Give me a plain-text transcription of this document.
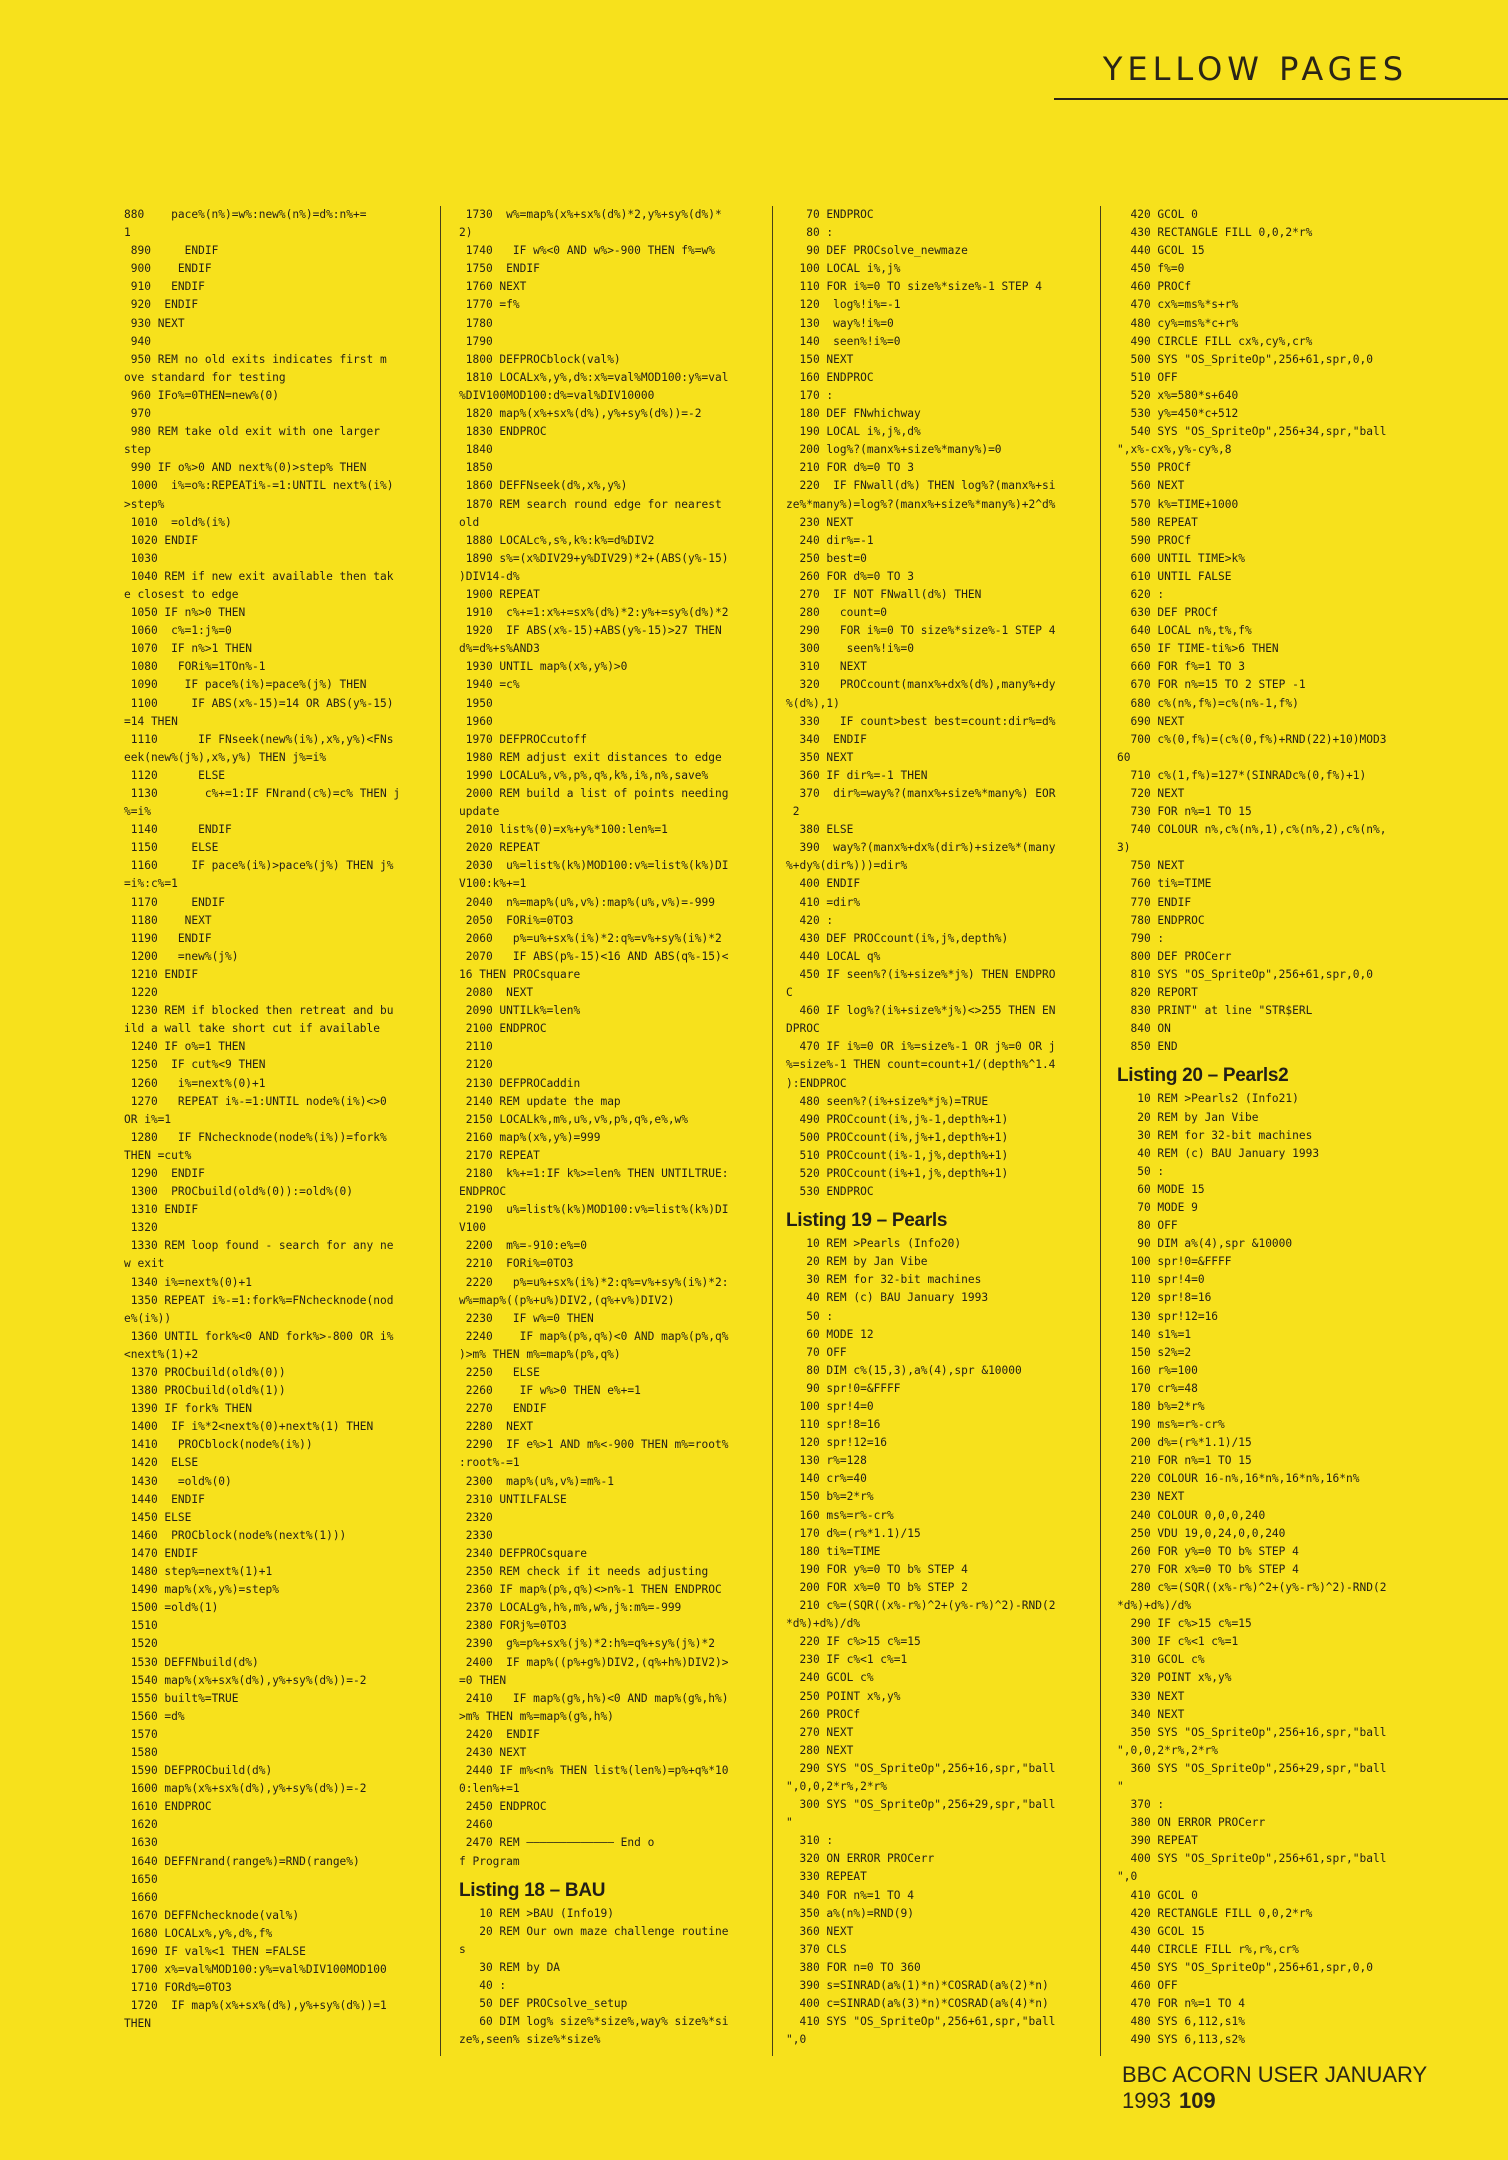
YELLOW PAGES
880    pace%(n%)=w%:new%(n%)=d%:n%+=
1
890     ENDIF
900    ENDIF
910   ENDIF
920  ENDIF
930 NEXT
940
950 REM no old exits indicates first m
ove standard for testing
960 IFo%=0THEN=new%(0)
970
980 REM take old exit with one larger
step
990 IF o%>0 AND next%(0)>step% THEN
1000  i%=o%:REPEATi%-=1:UNTIL next%(i%)
>step%
1010  =old%(i%)
1020 ENDIF
1030
1040 REM if new exit available then tak
e closest to edge
1050 IF n%>0 THEN
1060  c%=1:j%=0
1070  IF n%>1 THEN
1080   FORi%=1TOn%-1
1090    IF pace%(i%)=pace%(j%) THEN
1100     IF ABS(x%-15)=14 OR ABS(y%-15)
=14 THEN
1110      IF FNseek(new%(i%),x%,y%)<FNs
eek(new%(j%),x%,y%) THEN j%=i%
1120      ELSE
1130       c%+=1:IF FNrand(c%)=c% THEN j
%=i%
1140      ENDIF
1150     ELSE
1160     IF pace%(i%)>pace%(j%) THEN j%
=i%:c%=1
1170     ENDIF
1180    NEXT
1190   ENDIF
1200   =new%(j%)
1210 ENDIF
1220
1230 REM if blocked then retreat and bu
ild a wall take short cut if available
1240 IF o%=1 THEN
1250  IF cut%<9 THEN
1260   i%=next%(0)+1
1270   REPEAT i%-=1:UNTIL node%(i%)<>0
OR i%=1
1280   IF FNchecknode(node%(i%))=fork%
THEN =cut%
1290  ENDIF
1300  PROCbuild(old%(0)):=old%(0)
1310 ENDIF
1320
1330 REM loop found - search for any ne
w exit
1340 i%=next%(0)+1
1350 REPEAT i%-=1:fork%=FNchecknode(nod
e%(i%))
1360 UNTIL fork%<0 AND fork%>-800 OR i%
<next%(1)+2
1370 PROCbuild(old%(0))
1380 PROCbuild(old%(1))
1390 IF fork% THEN
1400  IF i%*2<next%(0)+next%(1) THEN
1410   PROCblock(node%(i%))
1420  ELSE
1430   =old%(0)
1440  ENDIF
1450 ELSE
1460  PROCblock(node%(next%(1)))
1470 ENDIF
1480 step%=next%(1)+1
1490 map%(x%,y%)=step%
1500 =old%(1)
1510
1520
1530 DEFFNbuild(d%)
1540 map%(x%+sx%(d%),y%+sy%(d%))=-2
1550 built%=TRUE
1560 =d%
1570
1580
1590 DEFPROCbuild(d%)
1600 map%(x%+sx%(d%),y%+sy%(d%))=-2
1610 ENDPROC
1620
1630
1640 DEFFNrand(range%)=RND(range%)
1650
1660
1670 DEFFNchecknode(val%)
1680 LOCALx%,y%,d%,f%
1690 IF val%<1 THEN =FALSE
1700 x%=val%MOD100:y%=val%DIV100MOD100
1710 FORd%=0TO3
1720  IF map%(x%+sx%(d%),y%+sy%(d%))=1
THEN
1730  w%=map%(x%+sx%(d%)*2,y%+sy%(d%)*
2)
1740   IF w%<0 AND w%>-900 THEN f%=w%
1750  ENDIF
1760 NEXT
1770 =f%
1780
1790
1800 DEFPROCblock(val%)
1810 LOCALx%,y%,d%:x%=val%MOD100:y%=val
%DIV100MOD100:d%=val%DIV10000
1820 map%(x%+sx%(d%),y%+sy%(d%))=-2
1830 ENDPROC
1840
1850
1860 DEFFNseek(d%,x%,y%)
1870 REM search round edge for nearest
old
1880 LOCALc%,s%,k%:k%=d%DIV2
1890 s%=(x%DIV29+y%DIV29)*2+(ABS(y%-15)
)DIV14-d%
1900 REPEAT
1910  c%+=1:x%+=sx%(d%)*2:y%+=sy%(d%)*2
1920  IF ABS(x%-15)+ABS(y%-15)>27 THEN
d%=d%+s%AND3
1930 UNTIL map%(x%,y%)>0
1940 =c%
1950
1960
1970 DEFPROCcutoff
1980 REM adjust exit distances to edge
1990 LOCALu%,v%,p%,q%,k%,i%,n%,save%
2000 REM build a list of points needing
update
2010 list%(0)=x%+y%*100:len%=1
2020 REPEAT
2030  u%=list%(k%)MOD100:v%=list%(k%)DI
V100:k%+=1
2040  n%=map%(u%,v%):map%(u%,v%)=-999
2050  FORi%=0TO3
2060   p%=u%+sx%(i%)*2:q%=v%+sy%(i%)*2
2070   IF ABS(p%-15)<16 AND ABS(q%-15)<
16 THEN PROCsquare
2080  NEXT
2090 UNTILk%=len%
2100 ENDPROC
2110
2120
2130 DEFPROCaddin
2140 REM update the map
2150 LOCALk%,m%,u%,v%,p%,q%,e%,w%
2160 map%(x%,y%)=999
2170 REPEAT
2180  k%+=1:IF k%>=len% THEN UNTILTRUE:
ENDPROC
2190  u%=list%(k%)MOD100:v%=list%(k%)DI
V100
2200  m%=-910:e%=0
2210  FORi%=0TO3
2220   p%=u%+sx%(i%)*2:q%=v%+sy%(i%)*2:
w%=map%((p%+u%)DIV2,(q%+v%)DIV2)
2230   IF w%=0 THEN
2240    IF map%(p%,q%)<0 AND map%(p%,q%
)>m% THEN m%=map%(p%,q%)
2250   ELSE
2260    IF w%>0 THEN e%+=1
2270   ENDIF
2280  NEXT
2290  IF e%>1 AND m%<-900 THEN m%=root%
:root%-=1
2300  map%(u%,v%)=m%-1
2310 UNTILFALSE
2320
2330
2340 DEFPROCsquare
2350 REM check if it needs adjusting
2360 IF map%(p%,q%)<>n%-1 THEN ENDPROC
2370 LOCALg%,h%,m%,w%,j%:m%=-999
2380 FORj%=0TO3
2390  g%=p%+sx%(j%)*2:h%=q%+sy%(j%)*2
2400  IF map%((p%+g%)DIV2,(q%+h%)DIV2)>
=0 THEN
2410   IF map%(g%,h%)<0 AND map%(g%,h%)
>m% THEN m%=map%(g%,h%)
2420  ENDIF
2430 NEXT
2440 IF m%<n% THEN list%(len%)=p%+q%*10
0:len%+=1
2450 ENDPROC
2460
2470 REM ————————————— End o
f Program
Listing 18 – BAU
10 REM >BAU (Info19)
20 REM Our own maze challenge routine
s
30 REM by DA
40 :
50 DEF PROCsolve_setup
60 DIM log% size%*size%,way% size%*si
ze%,seen% size%*size%
70 ENDPROC
80 :
90 DEF PROCsolve_newmaze
100 LOCAL i%,j%
110 FOR i%=0 TO size%*size%-1 STEP 4
120  log%!i%=-1
130  way%!i%=0
140  seen%!i%=0
150 NEXT
160 ENDPROC
170 :
180 DEF FNwhichway
190 LOCAL i%,j%,d%
200 log%?(manx%+size%*many%)=0
210 FOR d%=0 TO 3
220  IF FNwall(d%) THEN log%?(manx%+si
ze%*many%)=log%?(manx%+size%*many%)+2^d%
230 NEXT
240 dir%=-1
250 best=0
260 FOR d%=0 TO 3
270  IF NOT FNwall(d%) THEN
280   count=0
290   FOR i%=0 TO size%*size%-1 STEP 4
300    seen%!i%=0
310   NEXT
320   PROCcount(manx%+dx%(d%),many%+dy
%(d%),1)
330   IF count>best best=count:dir%=d%
340  ENDIF
350 NEXT
360 IF dir%=-1 THEN
370  dir%=way%?(manx%+size%*many%) EOR
2
380 ELSE
390  way%?(manx%+dx%(dir%)+size%*(many
%+dy%(dir%)))=dir%
400 ENDIF
410 =dir%
420 :
430 DEF PROCcount(i%,j%,depth%)
440 LOCAL q%
450 IF seen%?(i%+size%*j%) THEN ENDPRO
C
460 IF log%?(i%+size%*j%)<>255 THEN EN
DPROC
470 IF i%=0 OR i%=size%-1 OR j%=0 OR j
%=size%-1 THEN count=count+1/(depth%^1.4
):ENDPROC
480 seen%?(i%+size%*j%)=TRUE
490 PROCcount(i%,j%-1,depth%+1)
500 PROCcount(i%,j%+1,depth%+1)
510 PROCcount(i%-1,j%,depth%+1)
520 PROCcount(i%+1,j%,depth%+1)
530 ENDPROC
Listing 19 – Pearls
10 REM >Pearls (Info20)
20 REM by Jan Vibe
30 REM for 32-bit machines
40 REM (c) BAU January 1993
50 :
60 MODE 12
70 OFF
80 DIM c%(15,3),a%(4),spr &10000
90 spr!0=&FFFF
100 spr!4=0
110 spr!8=16
120 spr!12=16
130 r%=128
140 cr%=40
150 b%=2*r%
160 ms%=r%-cr%
170 d%=(r%*1.1)/15
180 ti%=TIME
190 FOR y%=0 TO b% STEP 4
200 FOR x%=0 TO b% STEP 2
210 c%=(SQR((x%-r%)^2+(y%-r%)^2)-RND(2
*d%)+d%)/d%
220 IF c%>15 c%=15
230 IF c%<1 c%=1
240 GCOL c%
250 POINT x%,y%
260 PROCf
270 NEXT
280 NEXT
290 SYS "OS_SpriteOp",256+16,spr,"ball
",0,0,2*r%,2*r%
300 SYS "OS_SpriteOp",256+29,spr,"ball
"
310 :
320 ON ERROR PROCerr
330 REPEAT
340 FOR n%=1 TO 4
350 a%(n%)=RND(9)
360 NEXT
370 CLS
380 FOR n=0 TO 360
390 s=SINRAD(a%(1)*n)*COSRAD(a%(2)*n)
400 c=SINRAD(a%(3)*n)*COSRAD(a%(4)*n)
410 SYS "OS_SpriteOp",256+61,spr,"ball
",0
420 GCOL 0
430 RECTANGLE FILL 0,0,2*r%
440 GCOL 15
450 f%=0
460 PROCf
470 cx%=ms%*s+r%
480 cy%=ms%*c+r%
490 CIRCLE FILL cx%,cy%,cr%
500 SYS "OS_SpriteOp",256+61,spr,0,0
510 OFF
520 x%=580*s+640
530 y%=450*c+512
540 SYS "OS_SpriteOp",256+34,spr,"ball
",x%-cx%,y%-cy%,8
550 PROCf
560 NEXT
570 k%=TIME+1000
580 REPEAT
590 PROCf
600 UNTIL TIME>k%
610 UNTIL FALSE
620 :
630 DEF PROCf
640 LOCAL n%,t%,f%
650 IF TIME-ti%>6 THEN
660 FOR f%=1 TO 3
670 FOR n%=15 TO 2 STEP -1
680 c%(n%,f%)=c%(n%-1,f%)
690 NEXT
700 c%(0,f%)=(c%(0,f%)+RND(22)+10)MOD3
60
710 c%(1,f%)=127*(SINRADc%(0,f%)+1)
720 NEXT
730 FOR n%=1 TO 15
740 COLOUR n%,c%(n%,1),c%(n%,2),c%(n%,
3)
750 NEXT
760 ti%=TIME
770 ENDIF
780 ENDPROC
790 :
800 DEF PROCerr
810 SYS "OS_SpriteOp",256+61,spr,0,0
820 REPORT
830 PRINT" at line "STR$ERL
840 ON
850 END
Listing 20 – Pearls2
10 REM >Pearls2 (Info21)
20 REM by Jan Vibe
30 REM for 32-bit machines
40 REM (c) BAU January 1993
50 :
60 MODE 15
70 MODE 9
80 OFF
90 DIM a%(4),spr &10000
100 spr!0=&FFFF
110 spr!4=0
120 spr!8=16
130 spr!12=16
140 s1%=1
150 s2%=2
160 r%=100
170 cr%=48
180 b%=2*r%
190 ms%=r%-cr%
200 d%=(r%*1.1)/15
210 FOR n%=1 TO 15
220 COLOUR 16-n%,16*n%,16*n%,16*n%
230 NEXT
240 COLOUR 0,0,0,240
250 VDU 19,0,24,0,0,240
260 FOR y%=0 TO b% STEP 4
270 FOR x%=0 TO b% STEP 4
280 c%=(SQR((x%-r%)^2+(y%-r%)^2)-RND(2
*d%)+d%)/d%
290 IF c%>15 c%=15
300 IF c%<1 c%=1
310 GCOL c%
320 POINT x%,y%
330 NEXT
340 NEXT
350 SYS "OS_SpriteOp",256+16,spr,"ball
",0,0,2*r%,2*r%
360 SYS "OS_SpriteOp",256+29,spr,"ball
"
370 :
380 ON ERROR PROCerr
390 REPEAT
400 SYS "OS_SpriteOp",256+61,spr,"ball
",0
410 GCOL 0
420 RECTANGLE FILL 0,0,2*r%
430 GCOL 15
440 CIRCLE FILL r%,r%,cr%
450 SYS "OS_SpriteOp",256+61,spr,0,0
460 OFF
470 FOR n%=1 TO 4
480 SYS 6,112,s1%
490 SYS 6,113,s2%
BBC ACORN USER JANUARY 1993 109
